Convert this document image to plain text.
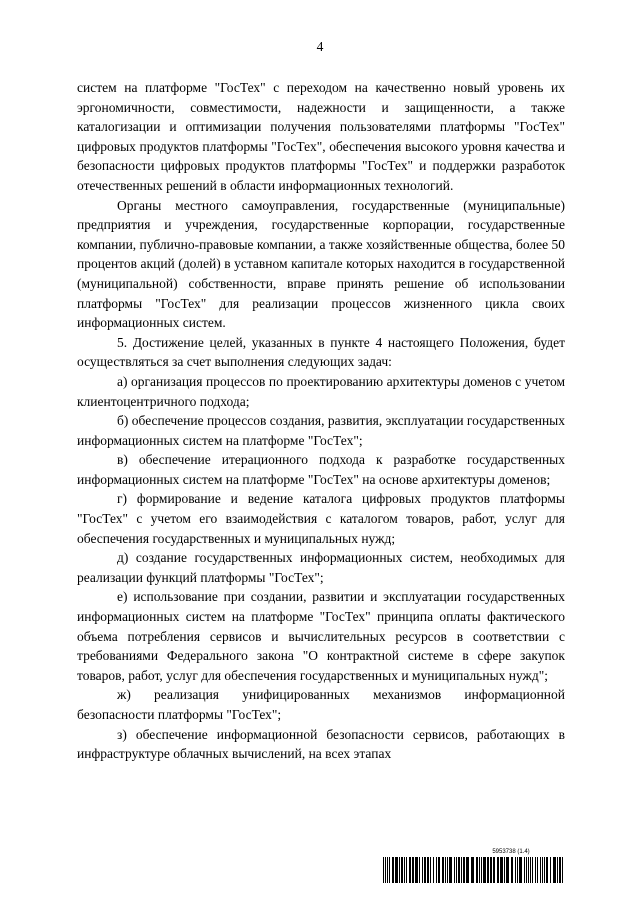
4

систем на платформе "ГосТех" с переходом на качественно новый уровень их эргономичности, совместимости, надежности и защищенности, а также каталогизации и оптимизации получения пользователями платформы "ГосТех" цифровых продуктов платформы "ГосТех", обеспечения высокого уровня качества и безопасности цифровых продуктов платформы "ГосТех" и поддержки разработок отечественных решений в области информационных технологий.

Органы местного самоуправления, государственные (муниципальные) предприятия и учреждения, государственные корпорации, государственные компании, публично-правовые компании, а также хозяйственные общества, более 50 процентов акций (долей) в уставном капитале которых находится в государственной (муниципальной) собственности, вправе принять решение об использовании платформы "ГосТех" для реализации процессов жизненного цикла своих информационных систем.

5. Достижение целей, указанных в пункте 4 настоящего Положения, будет осуществляться за счет выполнения следующих задач:

а) организация процессов по проектированию архитектуры доменов с учетом клиентоцентричного подхода;

б) обеспечение процессов создания, развития, эксплуатации государственных информационных систем на платформе "ГосТех";

в) обеспечение итерационного подхода к разработке государственных информационных систем на платформе "ГосТех" на основе архитектуры доменов;

г) формирование и ведение каталога цифровых продуктов платформы "ГосТех" с учетом его взаимодействия с каталогом товаров, работ, услуг для обеспечения государственных и муниципальных нужд;

д) создание государственных информационных систем, необходимых для реализации функций платформы "ГосТех";

е) использование при создании, развитии и эксплуатации государственных информационных систем на платформе "ГосТех" принципа оплаты фактического объема потребления сервисов и вычислительных ресурсов в соответствии с требованиями Федерального закона "О контрактной системе в сфере закупок товаров, работ, услуг для обеспечения государственных и муниципальных нужд";

ж) реализация унифицированных механизмов информационной безопасности платформы "ГосТех";

з) обеспечение информационной безопасности сервисов, работающих в инфраструктуре облачных вычислений, на всех этапах

5953738 (1.4)
